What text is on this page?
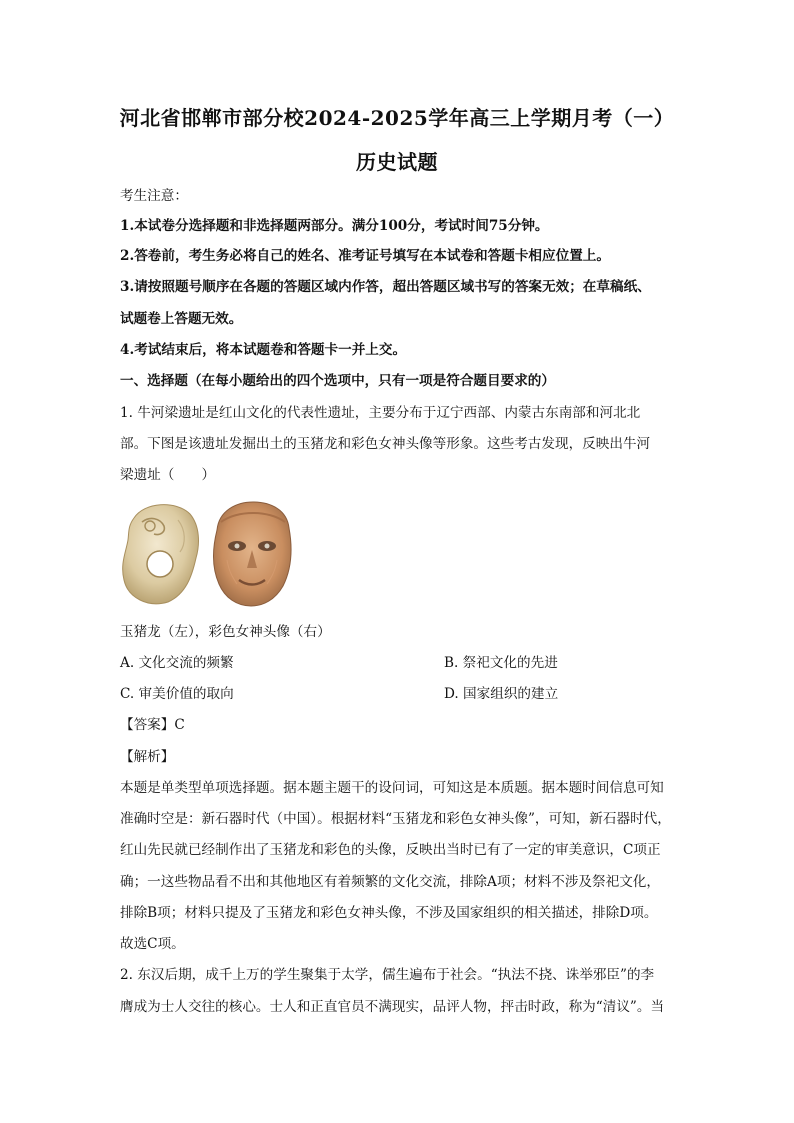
河北省邯郸市部分校2024-2025学年高三上学期月考（一）
历史试题
考生注意：
1.本试卷分选择题和非选择题两部分。满分100分，考试时间75分钟。
2.答卷前，考生务必将自己的姓名、准考证号填写在本试卷和答题卡相应位置上。
3.请按照题号顺序在各题的答题区域内作答，超出答题区域书写的答案无效；在草稿纸、
试题卷上答题无效。
4.考试结束后，将本试题卷和答题卡一并上交。
一、选择题（在每小题给出的四个选项中，只有一项是符合题目要求的）
1. 牛河梁遗址是红山文化的代表性遗址，主要分布于辽宁西部、内蒙古东南部和河北北
部。下图是该遗址发掘出土的玉猪龙和彩色女神头像等形象。这些考古发现，反映出牛河
梁遗址（　　）
玉猪龙（左），彩色女神头像（右）
A. 文化交流的频繁	B. 祭祀文化的先进
C. 审美价值的取向	D. 国家组织的建立
【答案】C
【解析】
本题是单类型单项选择题。据本题主题干的设问词，可知这是本质题。据本题时间信息可知
准确时空是：新石器时代（中国）。根据材料“玉猪龙和彩色女神头像”，可知，新石器时代，
红山先民就已经制作出了玉猪龙和彩色的头像，反映出当时已有了一定的审美意识，C项正
确；一这些物品看不出和其他地区有着频繁的文化交流，排除A项；材料不涉及祭祀文化，
排除B项；材料只提及了玉猪龙和彩色女神头像，不涉及国家组织的相关描述，排除D项。
故选C项。
2. 东汉后期，成千上万的学生聚集于太学，儒生遍布于社会。“执法不挠、诛举邪臣”的李
膺成为士人交往的核心。士人和正直官员不满现实，品评人物，抨击时政，称为“清议”。当
